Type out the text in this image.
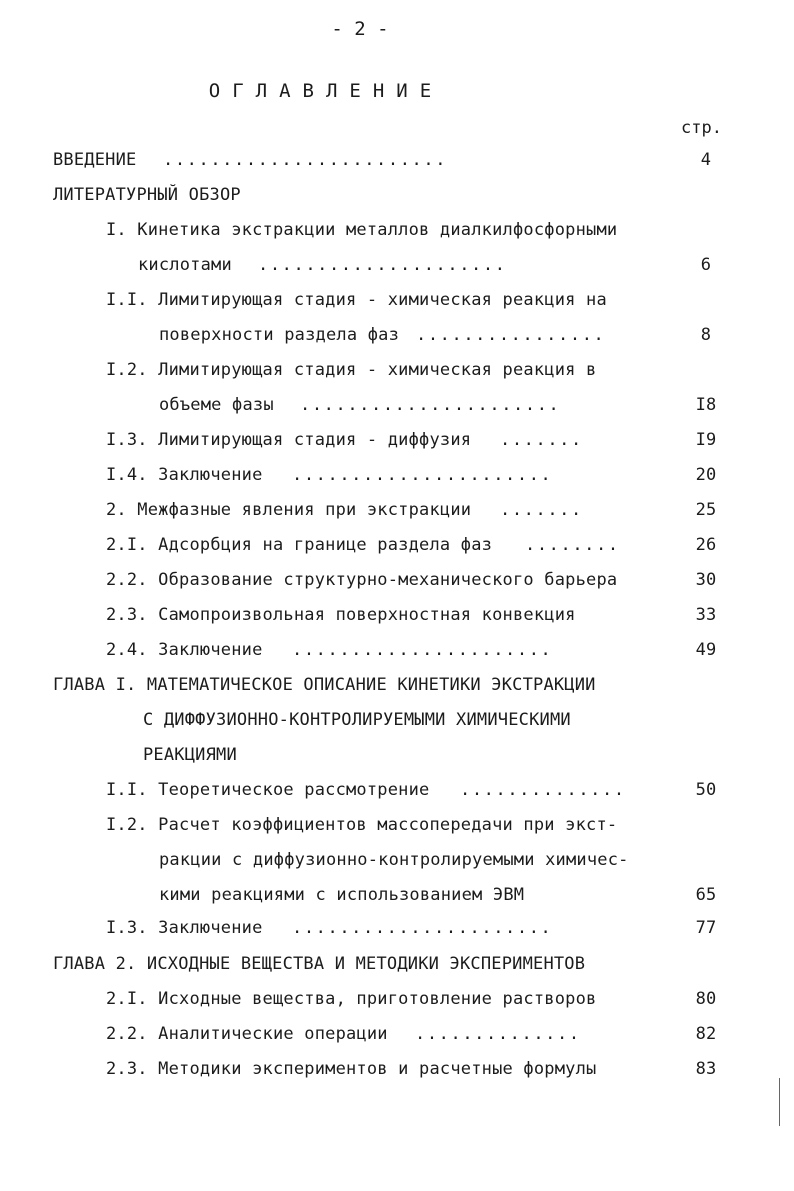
- 2 -
ОГЛАВЛЕНИЕ
стр.
ВВЕДЕНИЕ ........................	4
ЛИТЕРАТУРНЫЙ ОБЗОР
I. Кинетика экстракции металлов диалкилфосфорными
кислотами .....................	6
I.I. Лимитирующая стадия - химическая реакция на
поверхности раздела фаз ................	8
I.2. Лимитирующая стадия - химическая реакция в
объеме фазы ......................	I8
I.3. Лимитирующая стадия - диффузия .......	I9
I.4. Заключение ......................	20
2. Межфазные явления при экстракции .......	25
2.I. Адсорбция на границе раздела фаз ........	26
2.2. Образование структурно-механического барьера	30
2.3. Самопроизвольная поверхностная конвекция	33
2.4. Заключение ......................	49
ГЛАВА I. МАТЕМАТИЧЕСКОЕ ОПИСАНИЕ КИНЕТИКИ ЭКСТРАКЦИИ
С ДИФФУЗИОННО-КОНТРОЛИРУЕМЫМИ ХИМИЧЕСКИМИ
РЕАКЦИЯМИ
I.I. Теоретическое рассмотрение ..............	50
I.2. Расчет коэффициентов массопередачи при экст-
ракции с диффузионно-контролируемыми химичес-
кими реакциями с использованием ЭВМ	65
I.3. Заключение ......................	77
ГЛАВА 2. ИСХОДНЫЕ ВЕЩЕСТВА И МЕТОДИКИ ЭКСПЕРИМЕНТОВ
2.I. Исходные вещества, приготовление растворов	80
2.2. Аналитические операции ..............	82
2.3. Методики экспериментов и расчетные формулы	83
